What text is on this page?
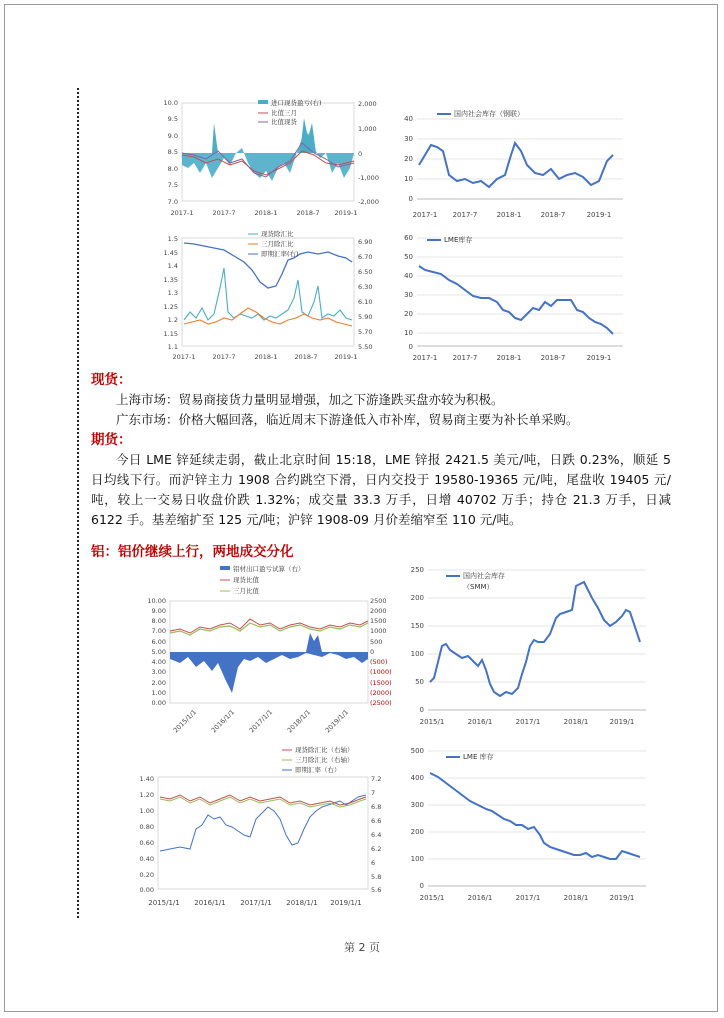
进口现货盈亏(右)
比值三月
比值现货
10.0
9.5
9.0
8.5
8.0
7.5
7.0
2,000
1,000
0
-1,000
-2,000
2017-1	2017-7	2018-1	2018-7 2019-1
国内社会库存（钢联）
40
30
20
10
0
2017-1 2017-7	2018-1	2018-7	2019-1
现货除汇比
三月除汇比
即期汇率(右)
1.5
1.45
1.4
1.35
1.3
1.25
1.2
1.15
1.1
6.90
6.70
6.50
6.30
6.10
5.90
5.70
5.50
2017-1	2017-7	2018-1	2018-7	2019-1
LME库存
60
50
40
30
20
10
0
2017-1 2017-7	2018-1	2018-7	2019-1
现货：

上海市场：贸易商接货力量明显增强，加之下游逢跌买盘亦较为积极。

广东市场：价格大幅回落，临近周末下游逢低入市补库，贸易商主要为补长单采购。

期货：

今日 LME 锌延续走弱，截止北京时间 15:18，LME 锌报 2421.5 美元/吨，日跌 0.23%，顺延 5 日均线下行。而沪锌主力 1908 合约跳空下滑，日内交投于 19580-19365 元/吨，尾盘收 19405 元/吨，较上一交易日收盘价跌 1.32%；成交量 33.3 万手，日增 40702 万手；持仓 21.3 万手，日减 6122 手。基差缩扩至 125 元/吨；沪锌 1908-09 月价差缩窄至 110 元/吨。

铝：铝价继续上行，两地成交分化
铝材出口盈亏试算（右）
现货比值
三月比值
10.00
9.00
8.00
7.00
6.00
5.00
4.00
3.00
2.00
1.00
0.00
2500
2000
1500
1000
500
0
(500)
(1000)
(1500)
(2000)
(2500)
2015/1/1 2016/1/1 2017/1/1 2018/1/1 2019/1/1
国内社会库存
（SMM）
250
200
150
100
50
0
2015/1	2016/1	2017/1	2018/1	2019/1
现货除汇比（右轴）
三月除汇比（右轴）
即期汇率（右）
1.40
1.20
1.00
0.80
0.60
0.40
0.20
0.00
7.2
7
6.8
6.6
6.4
6.2
6
5.8
5.6
2015/1/1 2016/1/1 2017/1/1 2018/1/1 2019/1/1
LME 库存
500
400
300
200
100
0
2015/1	2016/1	2017/1	2018/1	2019/1
第 2 页
